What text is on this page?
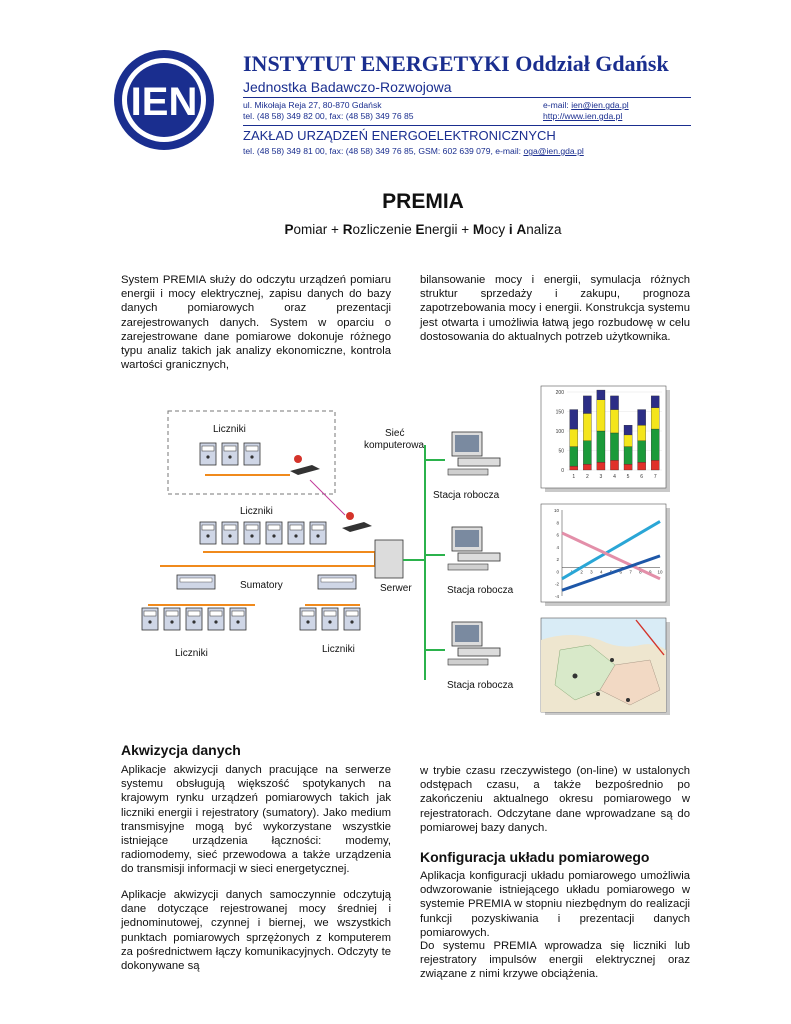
IEN
INSTYTUT ENERGETYKI Oddział Gdańsk
Jednostka Badawczo-Rozwojowa
ul. Mikołaja Reja 27, 80-870 Gdańsk
tel. (48 58) 349 82 00, fax: (48 58) 349 76 85
e-mail: ien@ien.gda.pl
http://www.ien.gda.pl
ZAKŁAD URZĄDZEŃ ENERGOELEKTRONICZNYCH
tel. (48 58) 349 81 00, fax: (48 58) 349 76 85, GSM: 602 639 079, e-mail: oga@ien.gda.pl
PREMIA
Pomiar + Rozliczenie Energii + Mocy i Analiza
System PREMIA służy do odczytu urządzeń pomiaru energii i mocy elektrycznej, zapisu danych do bazy danych pomiarowych oraz prezentacji zarejestrowanych danych. System w oparciu o zarejestrowane dane pomiarowe dokonuje różnego typu analiz takich jak analizy ekonomiczne, kontrola wartości granicznych,
bilansowanie mocy i energii, symulacja różnych struktur sprzedaży i zakupu, prognoza zapotrzebowania mocy i energii. Konstrukcja systemu jest otwarta i umożliwia łatwą jego rozbudowę w celu dostosowania do aktualnych potrzeb użytkownika.
Liczniki
Liczniki
Sumatory	Serwer
Liczniki	Liczniki
Sieć
komputerowa
Stacja robocza
Stacja robocza
Stacja robocza
0
50
100
150
200
1 2 3 4 5 6 7
10
8
6
4
2
0
-2
-4
1 2 3 4 5 6 7 8 9 10
Akwizycja danych
Aplikacje akwizycji danych pracujące na serwerze systemu obsługują większość spotykanych na krajowym rynku urządzeń pomiarowych takich jak liczniki energii i rejestratory (sumatory). Jako medium transmisyjne mogą być wykorzystane wszystkie istniejące urządzenia łączności: modemy, radiomodemy, sieć przewodowa a także urządzenia do transmisji informacji w sieci energetycznej.
Aplikacje akwizycji danych samoczynnie odczytują dane dotyczące rejestrowanej mocy średniej i jednominutowej, czynnej i biernej, we wszystkich punktach pomiarowych sprzężonych z komputerem za pośrednictwem łączy komunikacyjnych. Odczyty te dokonywane są
w trybie czasu rzeczywistego (on-line) w ustalonych odstępach czasu, a także bezpośrednio po zakończeniu aktualnego okresu pomiarowego w rejestratorach. Odczytane dane wprowadzane są do pomiarowej bazy danych.
Konfiguracja układu pomiarowego
Aplikacja konfiguracji układu pomiarowego umożliwia odwzorowanie istniejącego układu pomiarowego w systemie PREMIA w stopniu niezbędnym do realizacji funkcji pozyskiwania i prezentacji danych pomiarowych.
Do systemu PREMIA wprowadza się liczniki lub rejestratory impulsów energii elektrycznej oraz związane z nimi krzywe obciążenia.
